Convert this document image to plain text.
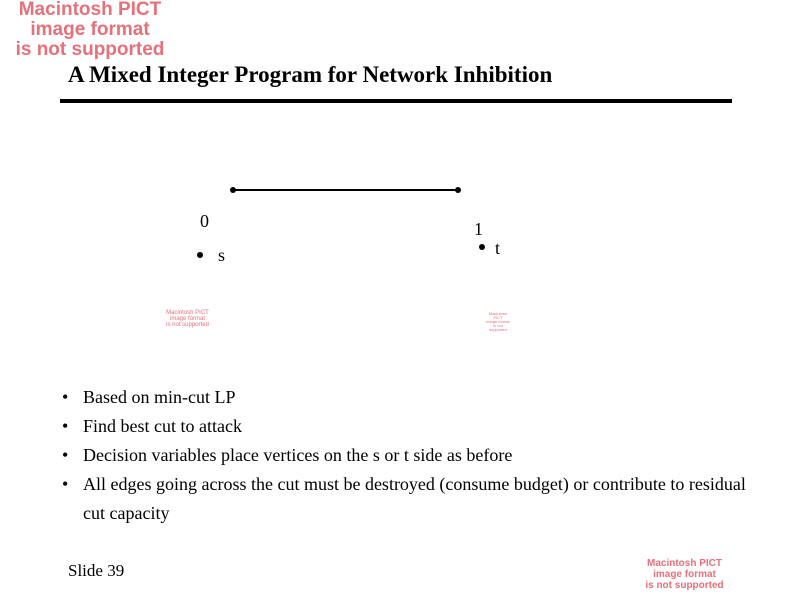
Macintosh PICT
image format
is not supported
A Mixed Integer Program for Network Inhibition
0	1
s	t
Macintosh PICT
image format
is not supported
Macintosh PICT
image format
is not supported
• Based on min-cut LP
• Find best cut to attack
• Decision variables place vertices on the s or t side as before
• All edges going across the cut must be destroyed (consume budget) or contribute to residual cut capacity
Slide 39	Macintosh PICT
image format
is not supported
